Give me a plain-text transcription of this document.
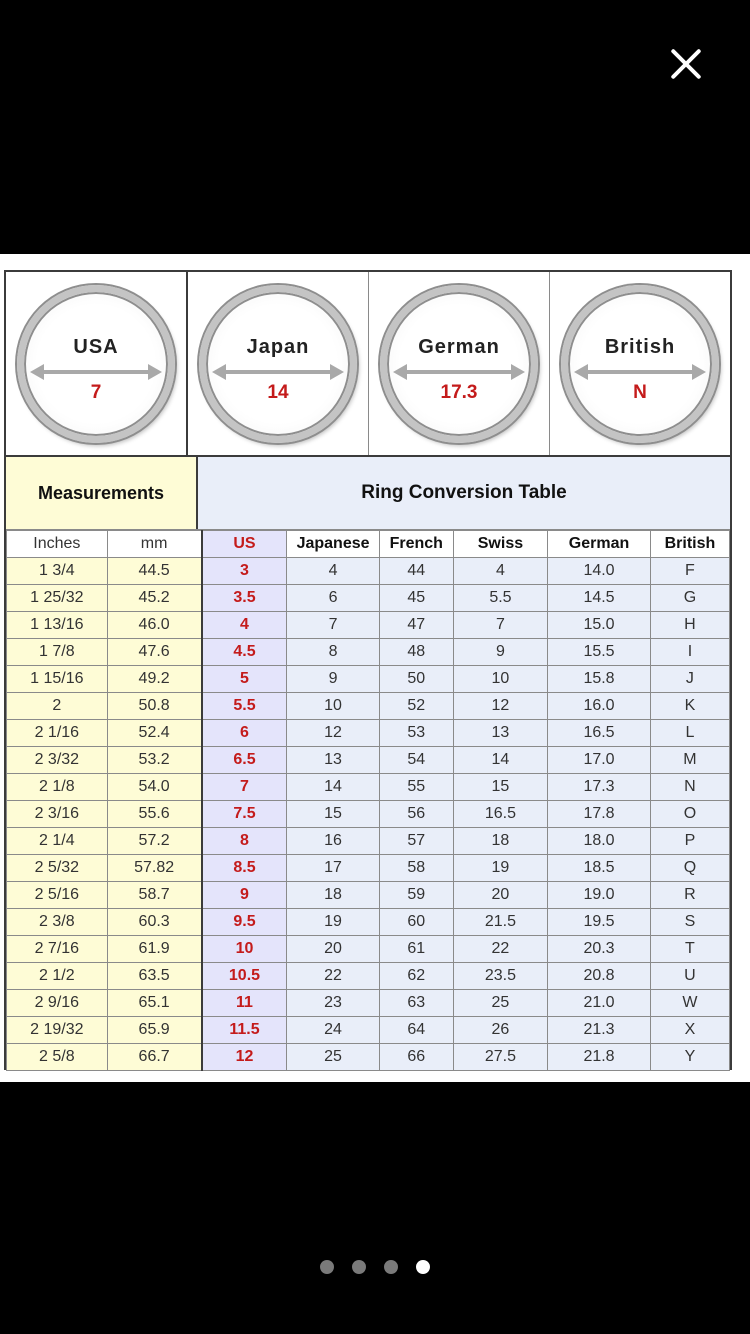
USA
7
Japan
14
German
17.3
British
N
Measurements	Ring Conversion Table
Inches	mm	US	Japanese	French	Swiss	German	British
1 3/4	44.5	3	4	44	4	14.0	F
1 25/32	45.2	3.5	6	45	5.5	14.5	G
1 13/16	46.0	4	7	47	7	15.0	H
1 7/8	47.6	4.5	8	48	9	15.5	I
1 15/16	49.2	5	9	50	10	15.8	J
2	50.8	5.5	10	52	12	16.0	K
2 1/16	52.4	6	12	53	13	16.5	L
2 3/32	53.2	6.5	13	54	14	17.0	M
2 1/8	54.0	7	14	55	15	17.3	N
2 3/16	55.6	7.5	15	56	16.5	17.8	O
2 1/4	57.2	8	16	57	18	18.0	P
2 5/32	57.82	8.5	17	58	19	18.5	Q
2 5/16	58.7	9	18	59	20	19.0	R
2 3/8	60.3	9.5	19	60	21.5	19.5	S
2 7/16	61.9	10	20	61	22	20.3	T
2 1/2	63.5	10.5	22	62	23.5	20.8	U
2 9/16	65.1	11	23	63	25	21.0	W
2 19/32	65.9	11.5	24	64	26	21.3	X
2 5/8	66.7	12	25	66	27.5	21.8	Y
